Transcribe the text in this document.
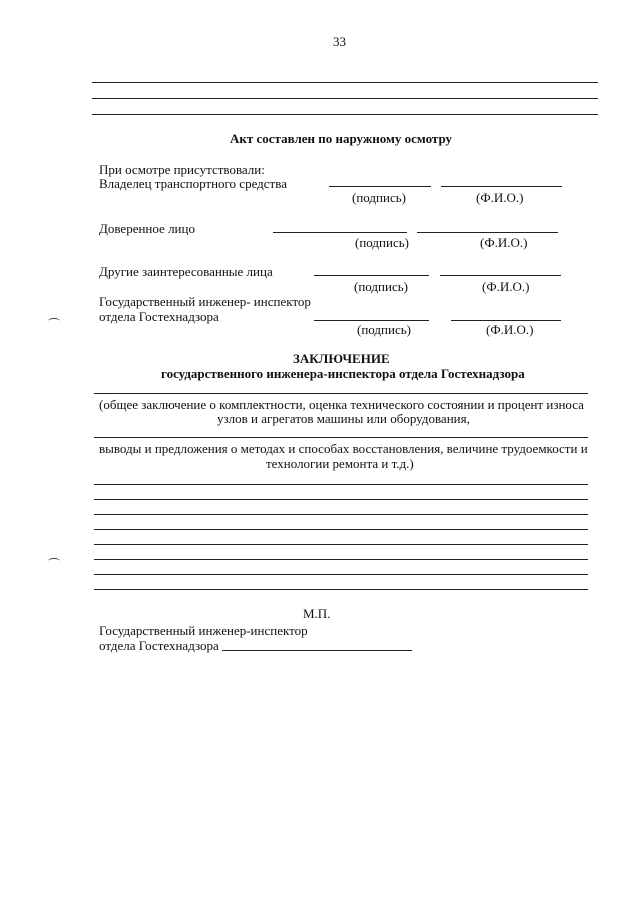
33
Акт составлен по наружному осмотру
При осмотре присутствовали:
Владелец транспортного средства
(подпись)	(Ф.И.О.)
Доверенное лицо
(подпись)	(Ф.И.О.)
Другие заинтересованные лица
(подпись)	(Ф.И.О.)
Государственный инженер- инспектор
отдела Гостехнадзора
(подпись)	(Ф.И.О.)
ЗАКЛЮЧЕНИЕ
государственного инженера-инспектора отдела Гостехнадзора
(общее заключение о комплектности, оценка технического состоянии и процент износа
узлов и агрегатов машины или оборудования,
выводы и предложения о методах и способах восстановления, величине трудоемкости и
технологии ремонта и т.д.)
М.П.
Государственный инженер-инспектор
отдела Гостехнадзора
